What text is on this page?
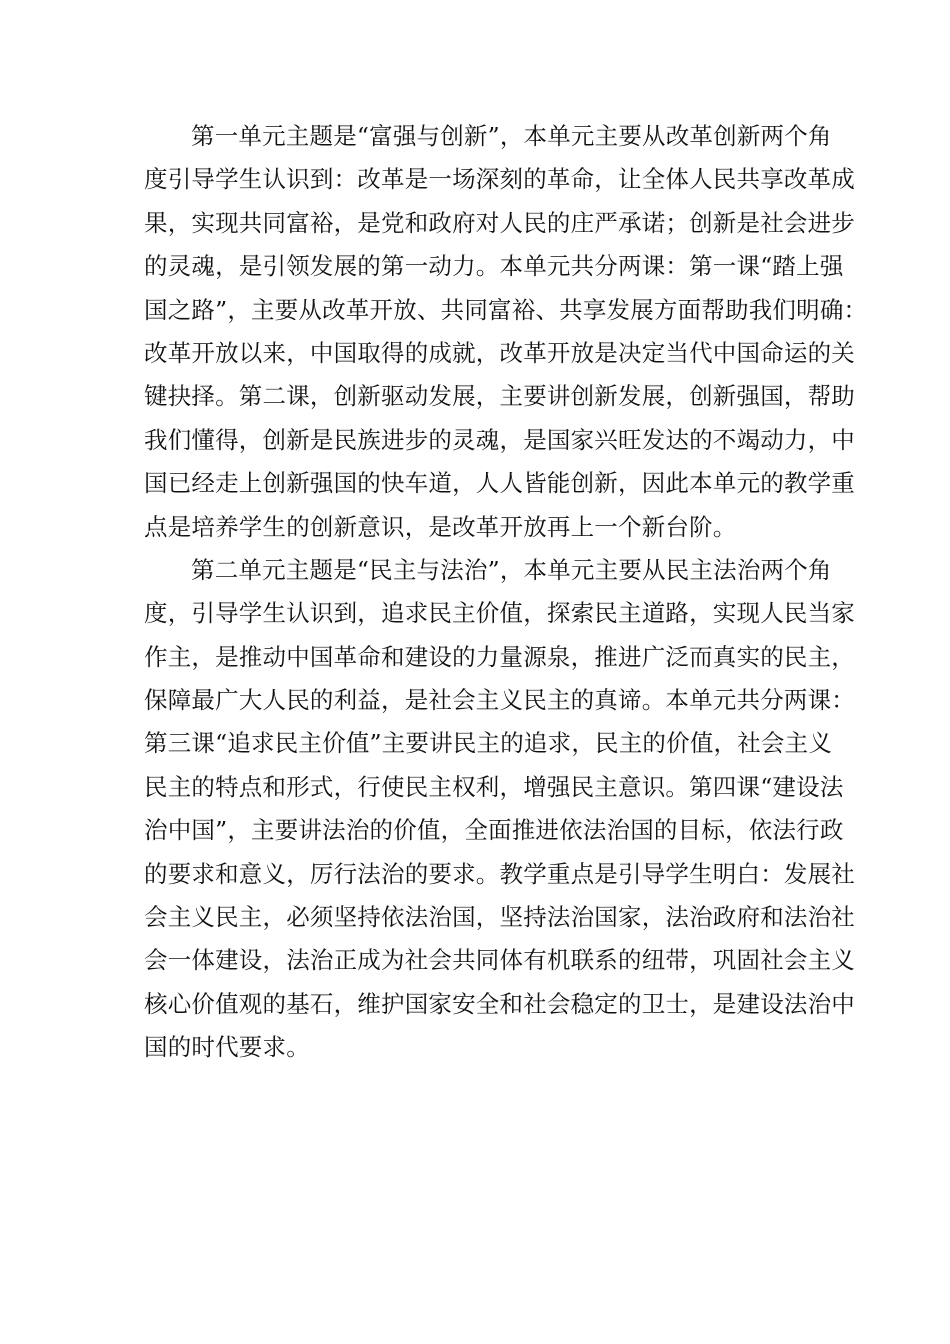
第一单元主题是“富强与创新”，本单元主要从改革创新两个角
度引导学生认识到：改革是一场深刻的革命，让全体人民共享改革成
果，实现共同富裕，是党和政府对人民的庄严承诺；创新是社会进步
的灵魂，是引领发展的第一动力。本单元共分两课：第一课“踏上强
国之路”，主要从改革开放、共同富裕、共享发展方面帮助我们明确：
改革开放以来，中国取得的成就，改革开放是决定当代中国命运的关
键抉择。第二课，创新驱动发展，主要讲创新发展，创新强国，帮助
我们懂得，创新是民族进步的灵魂，是国家兴旺发达的不竭动力，中
国已经走上创新强国的快车道，人人皆能创新，因此本单元的教学重
点是培养学生的创新意识，是改革开放再上一个新台阶。
第二单元主题是“民主与法治”，本单元主要从民主法治两个角
度，引导学生认识到，追求民主价值，探索民主道路，实现人民当家
作主，是推动中国革命和建设的力量源泉，推进广泛而真实的民主，
保障最广大人民的利益，是社会主义民主的真谛。本单元共分两课：
第三课“追求民主价值”主要讲民主的追求，民主的价值，社会主义
民主的特点和形式，行使民主权利，增强民主意识。第四课“建设法
治中国”，主要讲法治的价值，全面推进依法治国的目标，依法行政
的要求和意义，厉行法治的要求。教学重点是引导学生明白：发展社
会主义民主，必须坚持依法治国，坚持法治国家，法治政府和法治社
会一体建设，法治正成为社会共同体有机联系的纽带，巩固社会主义
核心价值观的基石，维护国家安全和社会稳定的卫士，是建设法治中
国的时代要求。
